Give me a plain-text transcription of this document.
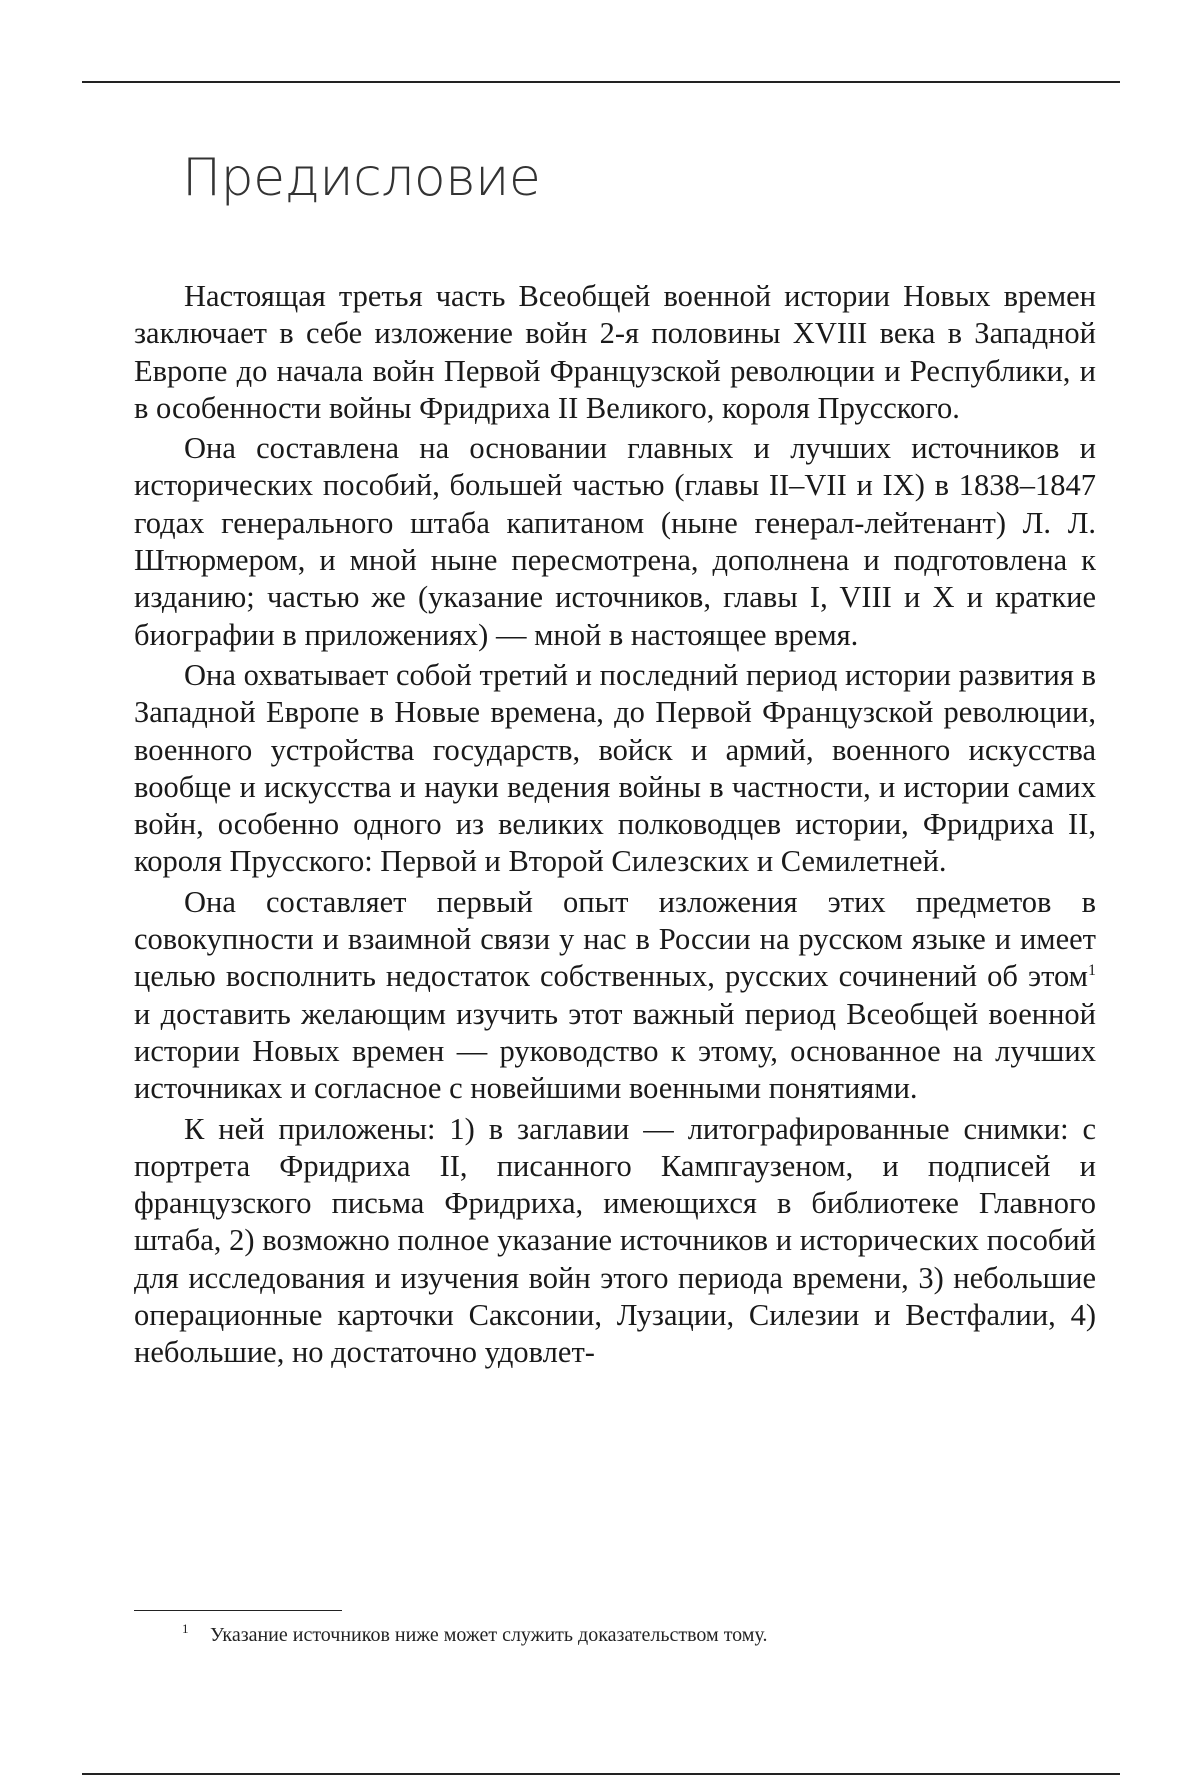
Предисловие

Настоящая третья часть Всеобщей военной истории Новых времен заключает в себе изложение войн 2-я половины XVIII века в Западной Европе до начала войн Первой Французской революции и Республики, и в особенности войны Фридриха II Великого, короля Прусского.

Она составлена на основании главных и лучших источников и исторических пособий, большей частью (главы II–VII и IX) в 1838–1847 годах генерального штаба капитаном (ныне генерал-лейтенант) Л. Л. Штюрмером, и мной ныне пересмотрена, дополнена и подготовлена к изданию; частью же (указание источников, главы I, VIII и X и краткие биографии в приложениях) — мной в настоящее время.

Она охватывает собой третий и последний период истории развития в Западной Европе в Новые времена, до Первой Французской революции, военного устройства государств, войск и армий, военного искусства вообще и искусства и науки ведения войны в частности, и истории самих войн, особенно одного из великих полководцев истории, Фридриха II, короля Прусского: Первой и Второй Силезских и Семилетней.

Она составляет первый опыт изложения этих предметов в совокупности и взаимной связи у нас в России на русском языке и имеет целью восполнить недостаток собственных, русских сочинений об этом$^1$ и доставить желающим изучить этот важный период Всеобщей военной истории Новых времен — руководство к этому, основанное на лучших источниках и согласное с новейшими военными понятиями.

К ней приложены: 1) в заглавии — литографированные снимки: с портрета Фридриха II, писанного Кампгаузеном, и подписей и французского письма Фридриха, имеющихся в библиотеке Главного штаба, 2) возможно полное указание источников и исторических пособий для исследования и изучения войн этого периода времени, 3) небольшие операционные карточки Саксонии, Лузации, Силезии и Вестфалии, 4) небольшие, но достаточно удовлет-

1 Указание источников ниже может служить доказательством тому.
